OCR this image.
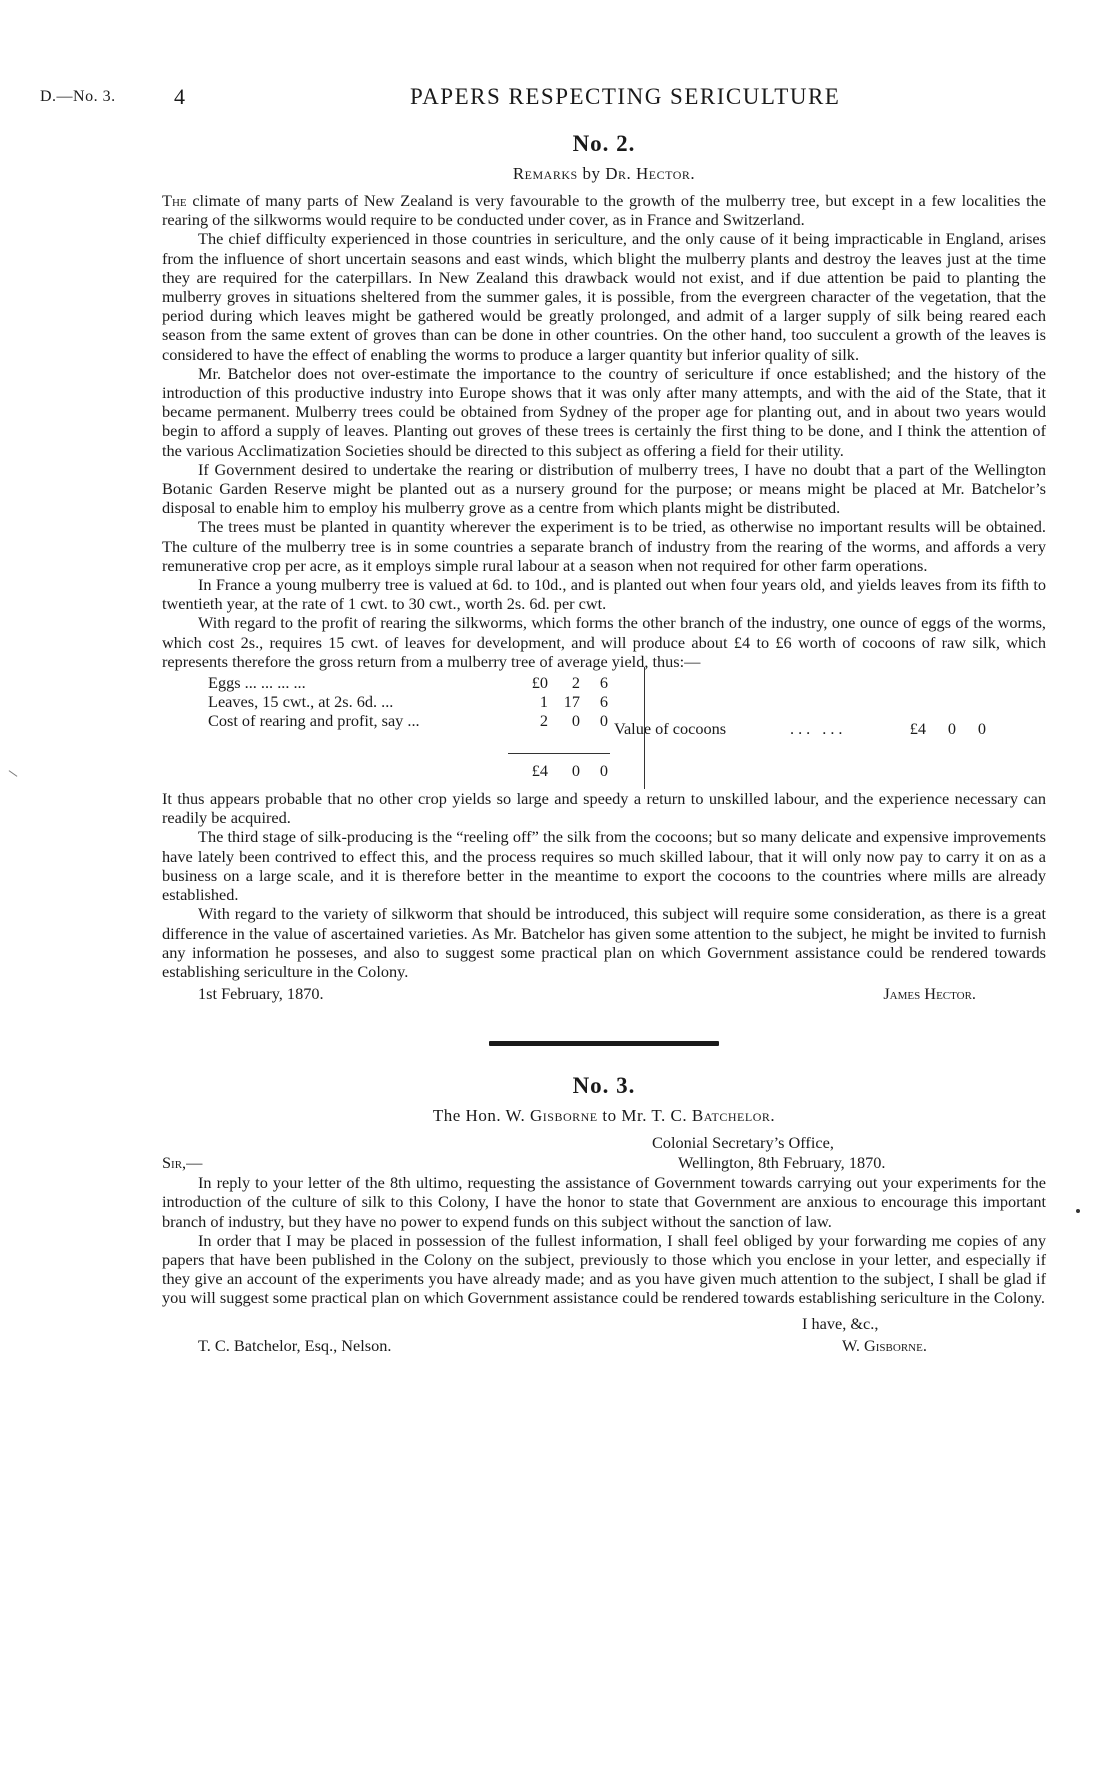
D.—No. 3.	4	PAPERS RESPECTING SERICULTURE
No. 2.
Remarks by Dr. Hector.

The climate of many parts of New Zealand is very favourable to the growth of the mulberry tree, but except in a few localities the rearing of the silkworms would require to be conducted under cover, as in France and Switzerland.

The chief difficulty experienced in those countries in sericulture, and the only cause of it being impracticable in England, arises from the influence of short uncertain seasons and east winds, which blight the mulberry plants and destroy the leaves just at the time they are required for the caterpillars. In New Zealand this drawback would not exist, and if due attention be paid to planting the mulberry groves in situations sheltered from the summer gales, it is possible, from the evergreen character of the vegetation, that the period during which leaves might be gathered would be greatly prolonged, and admit of a larger supply of silk being reared each season from the same extent of groves than can be done in other countries. On the other hand, too succulent a growth of the leaves is considered to have the effect of enabling the worms to produce a larger quantity but inferior quality of silk.

Mr. Batchelor does not over-estimate the importance to the country of sericulture if once established; and the history of the introduction of this productive industry into Europe shows that it was only after many attempts, and with the aid of the State, that it became permanent. Mulberry trees could be obtained from Sydney of the proper age for planting out, and in about two years would begin to afford a supply of leaves. Planting out groves of these trees is certainly the first thing to be done, and I think the attention of the various Acclimatization Societies should be directed to this subject as offering a field for their utility.

If Government desired to undertake the rearing or distribution of mulberry trees, I have no doubt that a part of the Wellington Botanic Garden Reserve might be planted out as a nursery ground for the purpose; or means might be placed at Mr. Batchelor’s disposal to enable him to employ his mulberry grove as a centre from which plants might be distributed.

The trees must be planted in quantity wherever the experiment is to be tried, as otherwise no important results will be obtained. The culture of the mulberry tree is in some countries a separate branch of industry from the rearing of the worms, and affords a very remunerative crop per acre, as it employs simple rural labour at a season when not required for other farm operations.

In France a young mulberry tree is valued at 6d. to 10d., and is planted out when four years old, and yields leaves from its fifth to twentieth year, at the rate of 1 cwt. to 30 cwt., worth 2s. 6d. per cwt.

With regard to the profit of rearing the silkworms, which forms the other branch of the industry, one ounce of eggs of the worms, which cost 2s., requires 15 cwt. of leaves for development, and will produce about £4 to £6 worth of cocoons of raw silk, which represents therefore the gross return from a mulberry tree of average yield, thus:—

Eggs ... ... ... ...	£0 2 6
Leaves, 15 cwt., at 2s. 6d. ...	1 17 6
Cost of rearing and profit, say ...	2 0 0
£4 0 0
Value of cocoons	... ...	£4 0 0

It thus appears probable that no other crop yields so large and speedy a return to unskilled labour, and the experience necessary can readily be acquired.

The third stage of silk-producing is the “reeling off” the silk from the cocoons; but so many delicate and expensive improvements have lately been contrived to effect this, and the process requires so much skilled labour, that it will only now pay to carry it on as a business on a large scale, and it is therefore better in the meantime to export the cocoons to the countries where mills are already established.

With regard to the variety of silkworm that should be introduced, this subject will require some consideration, as there is a great difference in the value of ascertained varieties. As Mr. Batchelor has given some attention to the subject, he might be invited to furnish any information he posseses, and also to suggest some practical plan on which Government assistance could be rendered towards establishing sericulture in the Colony.

1st February, 1870.	James Hector.
No. 3.
The Hon. W. Gisborne to Mr. T. C. Batchelor.

Colonial Secretary’s Office,

Sir,—	Wellington, 8th February, 1870.

In reply to your letter of the 8th ultimo, requesting the assistance of Government towards carrying out your experiments for the introduction of the culture of silk to this Colony, I have the honor to state that Government are anxious to encourage this important branch of industry, but they have no power to expend funds on this subject without the sanction of law.

In order that I may be placed in possession of the fullest information, I shall feel obliged by your forwarding me copies of any papers that have been published in the Colony on the subject, previously to those which you enclose in your letter, and especially if they give an account of the experiments you have already made; and as you have given much attention to the subject, I shall be glad if you will suggest some practical plan on which Government assistance could be rendered towards establishing sericulture in the Colony.

I have, &c.,
T. C. Batchelor, Esq., Nelson.	W. Gisborne.
